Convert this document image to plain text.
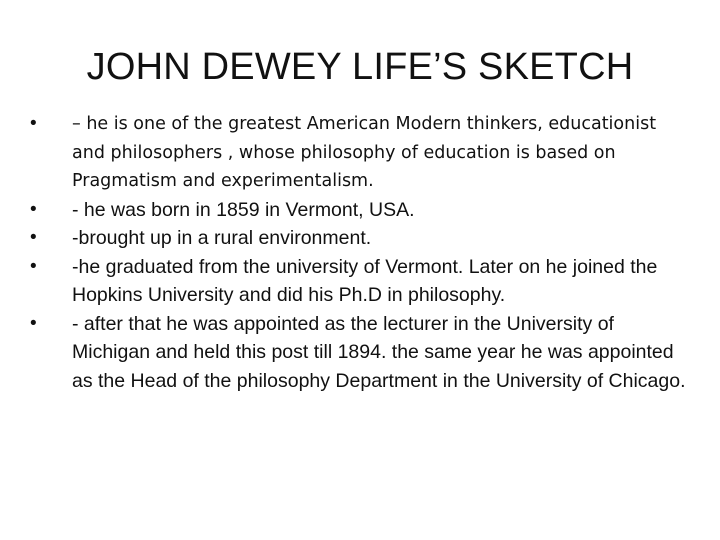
JOHN DEWEY LIFE’S SKETCH
•	– he is one of the greatest American Modern thinkers, educationist and philosophers , whose philosophy of education is based on Pragmatism and experimentalism.
•	- he was born in 1859 in Vermont, USA.
•	-brought up in a rural environment.
•	-he graduated from the university of Vermont. Later on he joined the Hopkins University and did his Ph.D in philosophy.
•	- after that he was appointed as the lecturer in the University of Michigan and held this post till 1894. the same year he was appointed as the Head of the philosophy Department in the University of Chicago.
